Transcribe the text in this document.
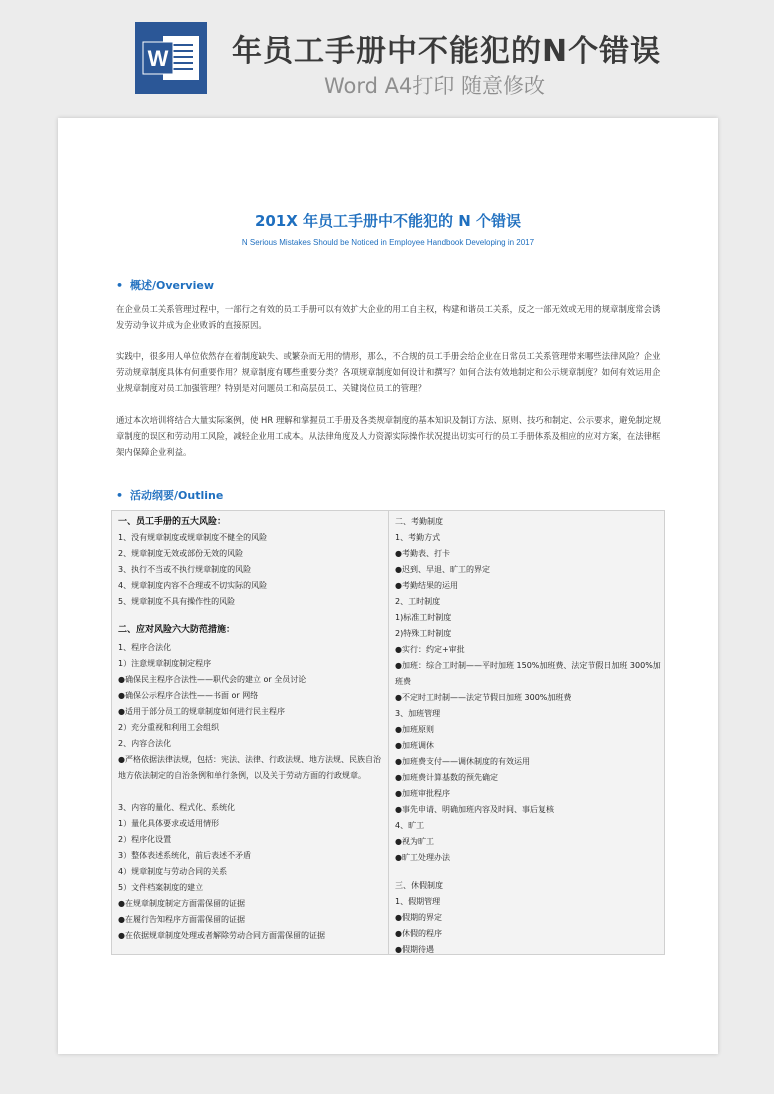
W 年员工手册中不能犯的N个错误
Word A4打印 随意修改
201X 年员工手册中不能犯的 N 个错误
N Serious Mistakes Should be Noticed in Employee Handbook Developing in 2017
• 概述/Overview
在企业员工关系管理过程中，一部行之有效的员工手册可以有效扩大企业的用工自主权，构建和谐员工关系，反之一部无效或无用的规章制度常会诱发劳动争议并成为企业败诉的直接原因。
实践中，很多用人单位依然存在着制度缺失、或繁杂而无用的情形，那么，不合规的员工手册会给企业在日常员工关系管理带来哪些法律风险？企业劳动规章制度具体有何重要作用？规章制度有哪些重要分类？各项规章制度如何设计和撰写？如何合法有效地制定和公示规章制度？如何有效运用企业规章制度对员工加强管理？特别是对问题员工和高层员工、关键岗位员工的管理？
通过本次培训将结合大量实际案例，使 HR 理解和掌握员工手册及各类规章制度的基本知识及制订方法、原则、技巧和制定、公示要求，避免制定规章制度的误区和劳动用工风险，减轻企业用工成本。从法律角度及人力资源实际操作状况提出切实可行的员工手册体系及相应的应对方案，在法律框架内保障企业利益。
• 活动纲要/Outline
一、员工手册的五大风险：
1、没有规章制度或规章制度不健全的风险
2、规章制度无效或部份无效的风险
3、执行不当或不执行规章制度的风险
4、规章制度内容不合理或不切实际的风险
5、规章制度不具有操作性的风险
二、应对风险六大防范措施：
1、程序合法化
1）注意规章制度制定程序
●确保民主程序合法性——职代会的建立 or 全员讨论
●确保公示程序合法性——书面 or 网络
●适用于部分员工的规章制度如何进行民主程序
2）充分重视和利用工会组织
2、内容合法化
●严格依据法律法规，包括：宪法、法律、行政法规、地方法规、民族自治地方依法制定的自治条例和单行条例，以及关于劳动方面的行政规章。
3、内容的量化、程式化、系统化
1）量化具体要求或适用情形
2）程序化设置
3）整体表述系统化，前后表述不矛盾
4）规章制度与劳动合同的关系
5）文件档案制度的建立
●在规章制度制定方面需保留的证据
●在履行告知程序方面需保留的证据
●在依据规章制度处理或者解除劳动合同方面需保留的证据
二、考勤制度
1、考勤方式
●考勤表、打卡
●迟到、早退、旷工的界定
●考勤结果的运用
2、工时制度
1)标准工时制度
2)特殊工时制度
●实行：约定+审批
●加班：综合工时制——平时加班 150%加班费、法定节假日加班 300%加班费
●不定时工时制——法定节假日加班 300%加班费
3、加班管理
●加班原则
●加班调休
●加班费支付——调休制度的有效运用
●加班费计算基数的预先确定
●加班审批程序
●事先申请、明确加班内容及时间、事后复核
4、旷工
●视为旷工
●旷工处理办法
三、休假制度
1、假期管理
●假期的界定
●休假的程序
●假期待遇
